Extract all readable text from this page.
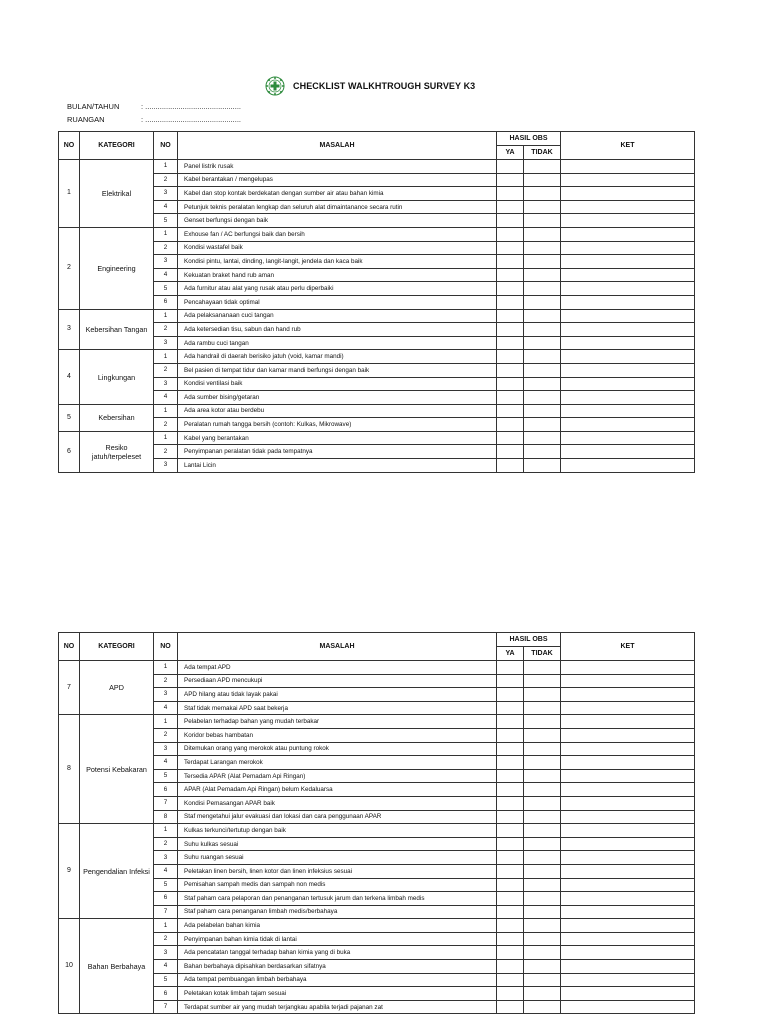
CHECKLIST WALKHTROUGH SURVEY K3
BULAN/TAHUN	: ..............................................
RUANGAN	: ..............................................
NO	KATEGORI	NO	MASALAH	HASIL OBS		KET
				YA	TIDAK	
1	Elektrikal	1	Panel listrik rusak			
		2	Kabel berantakan / mengelupas			
		3	Kabel dan stop kontak berdekatan dengan sumber air atau bahan kimia			
		4	Petunjuk teknis peralatan lengkap dan seluruh alat dimaintanance secara rutin			
		5	Genset berfungsi dengan baik			
2	Engineering	1	Exhouse fan / AC berfungsi baik dan bersih			
		2	Kondisi wastafel baik			
		3	Kondisi pintu, lantai, dinding, langit-langit, jendela dan kaca baik			
		4	Kekuatan braket hand rub aman			
		5	Ada furnitur atau alat yang rusak atau perlu diperbaiki			
		6	Pencahayaan tidak optimal			
3	Kebersihan Tangan	1	Ada pelaksananaan cuci tangan			
		2	Ada ketersedian tisu, sabun dan hand rub			
		3	Ada rambu cuci tangan			
4	Lingkungan	1	Ada handrail di daerah berisiko jatuh (void, kamar mandi)			
		2	Bel pasien di tempat tidur dan kamar mandi berfungsi dengan baik			
		3	Kondisi ventilasi baik			
		4	Ada sumber bising/getaran			
5	Kebersihan	1	Ada area kotor atau berdebu			
		2	Peralatan rumah tangga bersih (contoh: Kulkas, Mikrowave)			
6	Resiko jatuh/terpeleset	1	Kabel yang berantakan			
		2	Penyimpanan peralatan tidak pada tempatnya			
		3	Lantai Licin			
NO	KATEGORI	NO	MASALAH	HASIL OBS		KET
				YA	TIDAK	
7	APD	1	Ada tempat APD			
		2	Persediaan APD mencukupi			
		3	APD hilang atau tidak layak pakai			
		4	Staf tidak memakai APD saat bekerja			
8	Potensi Kebakaran	1	Pelabelan terhadap bahan yang mudah terbakar			
		2	Koridor bebas hambatan			
		3	Ditemukan orang yang merokok atau puntung rokok			
		4	Terdapat Larangan merokok			
		5	Tersedia APAR (Alat Pemadam Api Ringan)			
		6	APAR (Alat Pemadam Api Ringan) belum Kedaluarsa			
		7	Kondisi Pemasangan APAR baik			
		8	Staf mengetahui jalur evakuasi dan lokasi dan cara penggunaan APAR			
9	Pengendalian Infeksi	1	Kulkas terkunci/tertutup dengan baik			
		2	Suhu kulkas sesuai			
		3	Suhu ruangan sesuai			
		4	Peletakan linen bersih, linen kotor dan linen infeksius sesuai			
		5	Pemisahan sampah medis dan sampah non medis			
		6	Staf paham cara pelaporan dan penanganan tertusuk jarum dan terkena limbah medis			
		7	Staf paham cara penanganan limbah medis/berbahaya			
10	Bahan Berbahaya	1	Ada pelabelan bahan kimia			
		2	Penyimpanan bahan kimia tidak di lantai			
		3	Ada pencatatan tanggal terhadap bahan kimia yang di buka			
		4	Bahan berbahaya dipisahkan berdasarkan sifatnya			
		5	Ada tempat pembuangan limbah berbahaya			
		6	Peletakan kotak limbah tajam sesuai			
		7	Terdapat sumber air yang mudah terjangkau apabila terjadi pajanan zat			
